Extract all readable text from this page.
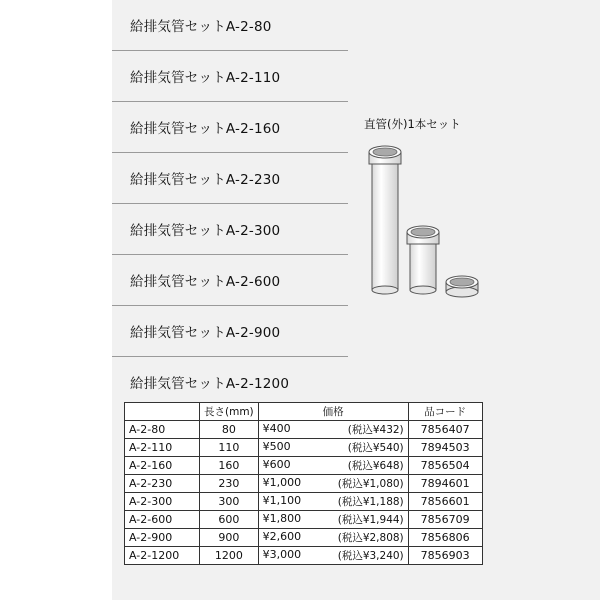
給排気管セットA-2-80
給排気管セットA-2-110
給排気管セットA-2-160
給排気管セットA-2-230
給排気管セットA-2-300
給排気管セットA-2-600
給排気管セットA-2-900
給排気管セットA-2-1200
直管(外)1本セット
	長さ(mm)	価格	品コード
A-2-80	80	¥400 (税込¥432)	7856407
A-2-110	110	¥500 (税込¥540)	7894503
A-2-160	160	¥600 (税込¥648)	7856504
A-2-230	230	¥1,000 (税込¥1,080)	7894601
A-2-300	300	¥1,100 (税込¥1,188)	7856601
A-2-600	600	¥1,800 (税込¥1,944)	7856709
A-2-900	900	¥2,600 (税込¥2,808)	7856806
A-2-1200	1200	¥3,000 (税込¥3,240)	7856903
